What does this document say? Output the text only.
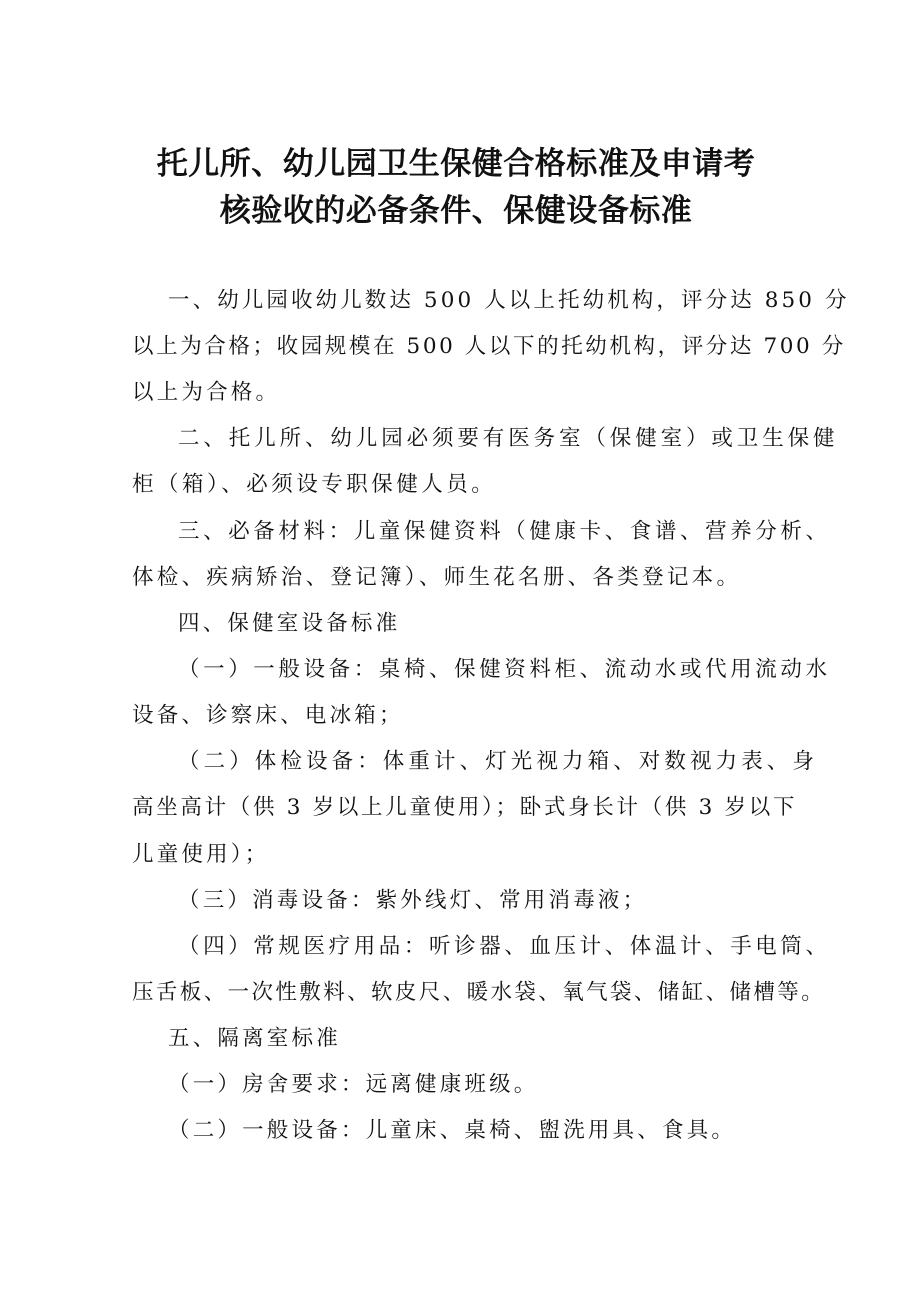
托儿所、幼儿园卫生保健合格标准及申请考
核验收的必备条件、保健设备标准
一、幼儿园收幼儿数达 500 人以上托幼机构，评分达 850 分
以上为合格；收园规模在 500 人以下的托幼机构，评分达 700 分
以上为合格。
二、托儿所、幼儿园必须要有医务室（保健室）或卫生保健
柜（箱）、必须设专职保健人员。
三、必备材料：儿童保健资料（健康卡、食谱、营养分析、
体检、疾病矫治、登记簿）、师生花名册、各类登记本。
四、保健室设备标准
（一）一般设备：桌椅、保健资料柜、流动水或代用流动水
设备、诊察床、电冰箱；
（二）体检设备：体重计、灯光视力箱、对数视力表、身
高坐高计（供 3 岁以上儿童使用）；卧式身长计（供 3 岁以下
儿童使用）；
（三）消毒设备：紫外线灯、常用消毒液；
（四）常规医疗用品：听诊器、血压计、体温计、手电筒、
压舌板、一次性敷料、软皮尺、暖水袋、氧气袋、储缸、储槽等。
五、隔离室标准
（一）房舍要求：远离健康班级。
（二）一般设备：儿童床、桌椅、盥洗用具、食具。
